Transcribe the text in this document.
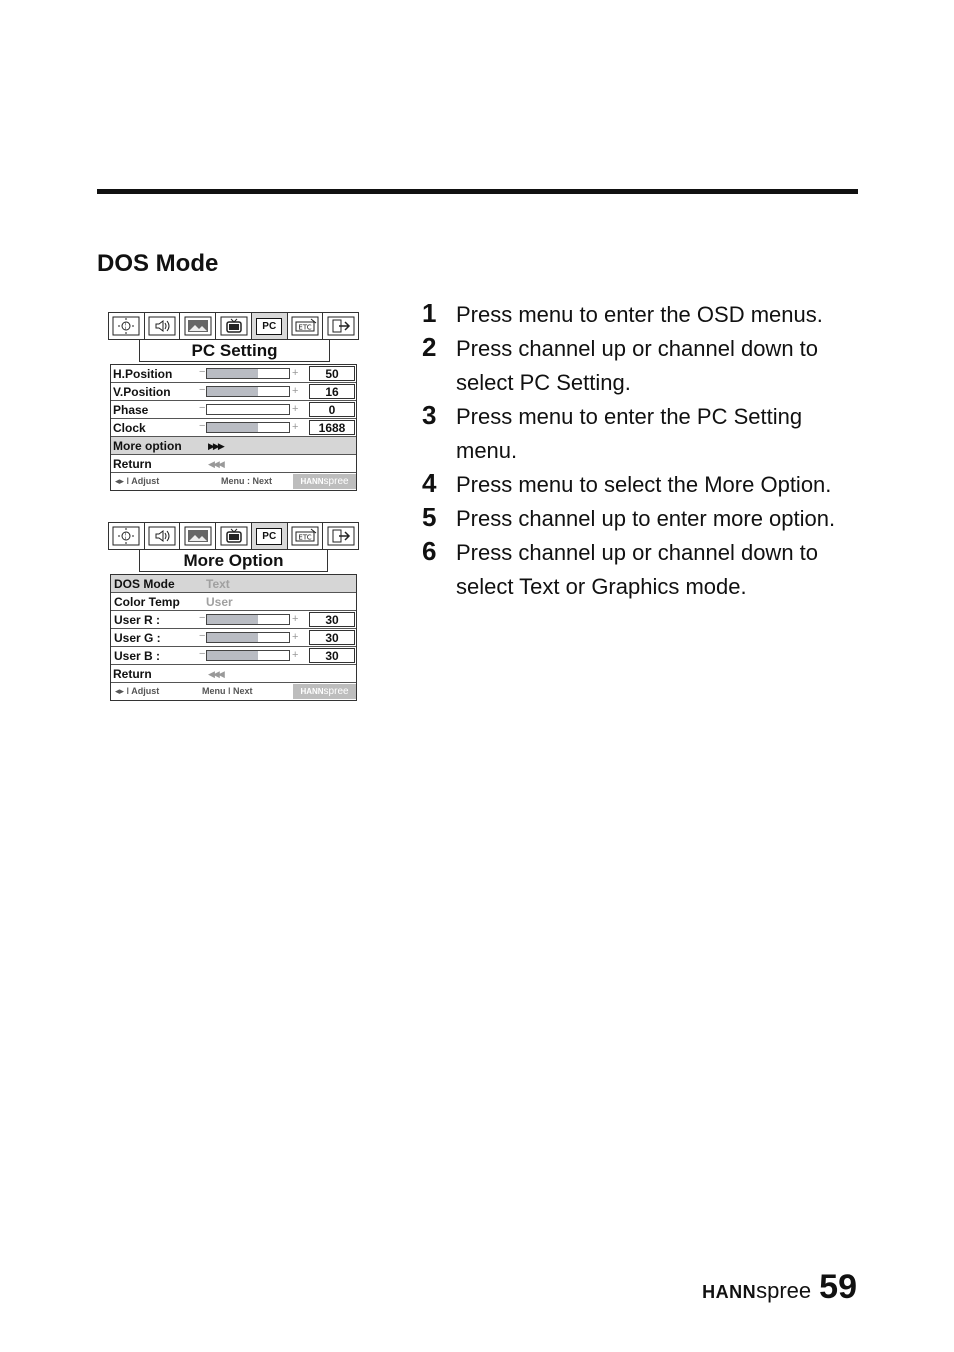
DOS Mode
PC	ETC
PC Setting
H.Position −	+	50
V.Position	−	+	16
Phase	−	+	0
Clock	−	+	1688
More option	▶▶▶
Return	◀◀◀
◂▸ ǀ Adjust	Menu : Next	HANNspree
PC	ETC
More Option
DOS Mode	Text
Color Temp User
User R :	−	+	30
User G :	−	+	30
User B :	−	+	30
Return	◀◀◀
◂▸ ǀ Adjust	Menu ǀ Next	HANNspree
1 Press menu to enter the OSD menus.
2 Press channel up or channel down to select PC Setting.
3 Press menu to enter the PC Setting menu.
4 Press menu to select the More Option.
5 Press channel up to enter more option.
6 Press channel up or channel down to select Text or Graphics mode.
HANNspree 59
